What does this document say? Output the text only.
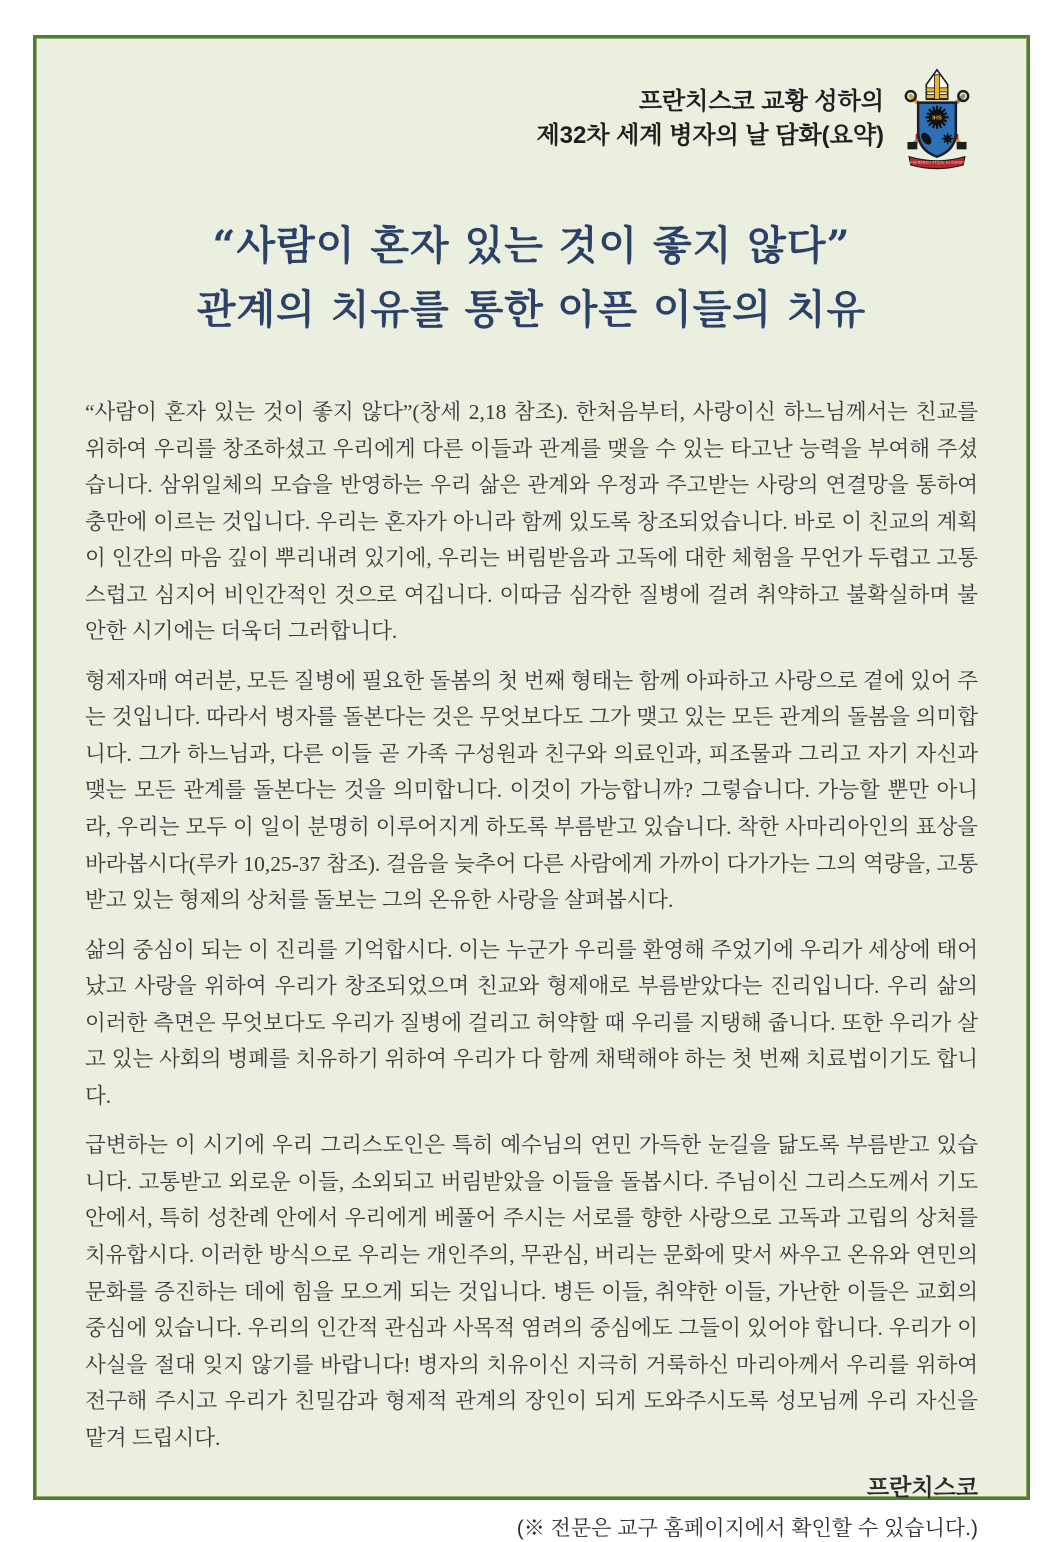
프란치스코 교황 성하의
제32차 세계 병자의 날 담화(요약)
IHS
MISERANDO ATQUE ELIGENDO
“사람이 혼자 있는 것이 좋지 않다”
관계의 치유를 통한 아픈 이들의 치유

“사람이 혼자 있는 것이 좋지 않다”(창세 2,18 참조). 한처음부터, 사랑이신 하느님께서는 친교를 위하여 우리를 창조하셨고 우리에게 다른 이들과 관계를 맺을 수 있는 타고난 능력을 부여해 주셨습니다. 삼위일체의 모습을 반영하는 우리 삶은 관계와 우정과 주고받는 사랑의 연결망을 통하여 충만에 이르는 것입니다. 우리는 혼자가 아니라 함께 있도록 창조되었습니다. 바로 이 친교의 계획이 인간의 마음 깊이 뿌리내려 있기에, 우리는 버림받음과 고독에 대한 체험을 무언가 두렵고 고통스럽고 심지어 비인간적인 것으로 여깁니다. 이따금 심각한 질병에 걸려 취약하고 불확실하며 불안한 시기에는 더욱더 그러합니다.

형제자매 여러분, 모든 질병에 필요한 돌봄의 첫 번째 형태는 함께 아파하고 사랑으로 곁에 있어 주는 것입니다. 따라서 병자를 돌본다는 것은 무엇보다도 그가 맺고 있는 모든 관계의 돌봄을 의미합니다. 그가 하느님과, 다른 이들 곧 가족 구성원과 친구와 의료인과, 피조물과 그리고 자기 자신과 맺는 모든 관계를 돌본다는 것을 의미합니다. 이것이 가능합니까? 그렇습니다. 가능할 뿐만 아니라, 우리는 모두 이 일이 분명히 이루어지게 하도록 부름받고 있습니다. 착한 사마리아인의 표상을 바라봅시다(루카 10,25-37 참조). 걸음을 늦추어 다른 사람에게 가까이 다가가는 그의 역량을, 고통받고 있는 형제의 상처를 돌보는 그의 온유한 사랑을 살펴봅시다.

삶의 중심이 되는 이 진리를 기억합시다. 이는 누군가 우리를 환영해 주었기에 우리가 세상에 태어났고 사랑을 위하여 우리가 창조되었으며 친교와 형제애로 부름받았다는 진리입니다. 우리 삶의 이러한 측면은 무엇보다도 우리가 질병에 걸리고 허약할 때 우리를 지탱해 줍니다. 또한 우리가 살고 있는 사회의 병폐를 치유하기 위하여 우리가 다 함께 채택해야 하는 첫 번째 치료법이기도 합니다.

급변하는 이 시기에 우리 그리스도인은 특히 예수님의 연민 가득한 눈길을 닮도록 부름받고 있습니다. 고통받고 외로운 이들, 소외되고 버림받았을 이들을 돌봅시다. 주님이신 그리스도께서 기도 안에서, 특히 성찬례 안에서 우리에게 베풀어 주시는 서로를 향한 사랑으로 고독과 고립의 상처를 치유합시다. 이러한 방식으로 우리는 개인주의, 무관심, 버리는 문화에 맞서 싸우고 온유와 연민의 문화를 증진하는 데에 힘을 모으게 되는 것입니다. 병든 이들, 취약한 이들, 가난한 이들은 교회의 중심에 있습니다. 우리의 인간적 관심과 사목적 염려의 중심에도 그들이 있어야 합니다. 우리가 이 사실을 절대 잊지 않기를 바랍니다! 병자의 치유이신 지극히 거룩하신 마리아께서 우리를 위하여 전구해 주시고 우리가 친밀감과 형제적 관계의 장인이 되게 도와주시도록 성모님께 우리 자신을 맡겨 드립시다.

프란치스코
(※ 전문은 교구 홈페이지에서 확인할 수 있습니다.)
